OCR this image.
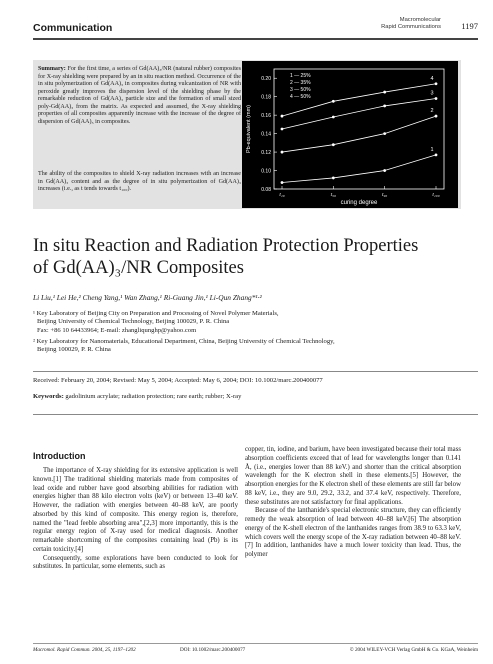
Communication
Macromolecular
Rapid Communications 1197
Summary: For the first time, a series of Gd(AA)₃/NR (natural rubber) composites for X-ray shielding were prepared by an in situ reaction method. Occurrence of the in situ polymerization of Gd(AA)₃ in composites during vulcanization of NR with peroxide greatly improves the dispersion level of the shielding phase by the remarkable reduction of Gd(AA)₃ particle size and the formation of small sized poly-Gd(AA)₃ from the matrix. As expected and assumed, the X-ray shielding properties of all composites apparently increase with the increase of the degree of dispersion of Gd(AA)₃ in composites.
The ability of the composites to shield X-ray radiation increases with an increase in Gd(AA)₃ content and as the degree of in situ polymerization of Gd(AA)₃ increases (i.e., as t tends towards t₁₀₀).	0.08
0.10
0.12
0.14
0.16
0.18
0.20
t₁₀	t₅₀	t₉₀	t₁₀₀
curing degree
Pb-equivalent (mm)	1
2
3
4
1 — 25%
2 — 35%
3 — 50%
4 — 50%
In situ Reaction and Radiation Protection Properties of Gd(AA)₃/NR Composites
Li Liu,¹ Lei He,² Cheng Yang,¹ Wan Zhang,¹ Ri-Guang Jin,¹ Li-Qun Zhang*¹·²
¹ Key Laboratory of Beijing City on Preparation and Processing of Novel Polymer Materials,
Beijing University of Chemical Technology, Beijing 100029, P. R. China
Fax: +86 10 64433964; E-mail: zhangliqunghp@yahoo.com
² Key Laboratory for Nanomaterials, Educational Department, China, Beijing University of Chemical Technology,
Beijing 100029, P. R. China
Received: February 20, 2004; Revised: May 5, 2004; Accepted: May 6, 2004; DOI: 10.1002/marc.200400077
Keywords: gadolinium acrylate; radiation protection; rare earth; rubber; X-ray
Introduction

The importance of X-ray shielding for its extensive application is well known.[1] The traditional shielding materials made from composites of lead oxide and rubber have good absorbing abilities for radiation with energies higher than 88 kilo electron volts (keV) or between 13–40 keV. However, the radiation with energies between 40–88 keV, are poorly absorbed by this kind of composite. This energy region is, therefore, named the "lead feeble absorbing area",[2,3] more importantly, this is the regular energy region of X-ray used for medical diagnosis. Another remarkable shortcoming of the composites containing lead (Pb) is its certain toxicity.[4]

Consequently, some explorations have been conducted to look for substitutes. In particular, some elements, such as

copper, tin, iodine, and barium, have been investigated because their total mass absorption coefficients exceed that of lead for wavelengths longer than 0.141 Å, (i.e., energies lower than 88 keV.) and shorter than the critical absorption wavelength for the K electron shell in these elements.[5] However, the absorption energies for the K electron shell of these elements are still far below 88 keV, i.e., they are 9.0, 29.2, 33.2, and 37.4 keV, respectively. Therefore, these substitutes are not satisfactory for final applications.

Because of the lanthanide's special electronic structure, they can efficiently remedy the weak absorption of lead between 40–88 keV.[6] The absorption energy of the K-shell electron of the lanthanides ranges from 38.9 to 63.3 keV, which covers well the energy scope of the X-ray radiation between 40–88 keV.[7] In addition, lanthanides have a much lower toxicity than lead. Thus, the polymer

Macromol. Rapid Commun. 2004, 25, 1197–1202	DOI: 10.1002/marc.200400077	© 2004 WILEY-VCH Verlag GmbH & Co. KGaA, Weinheim
